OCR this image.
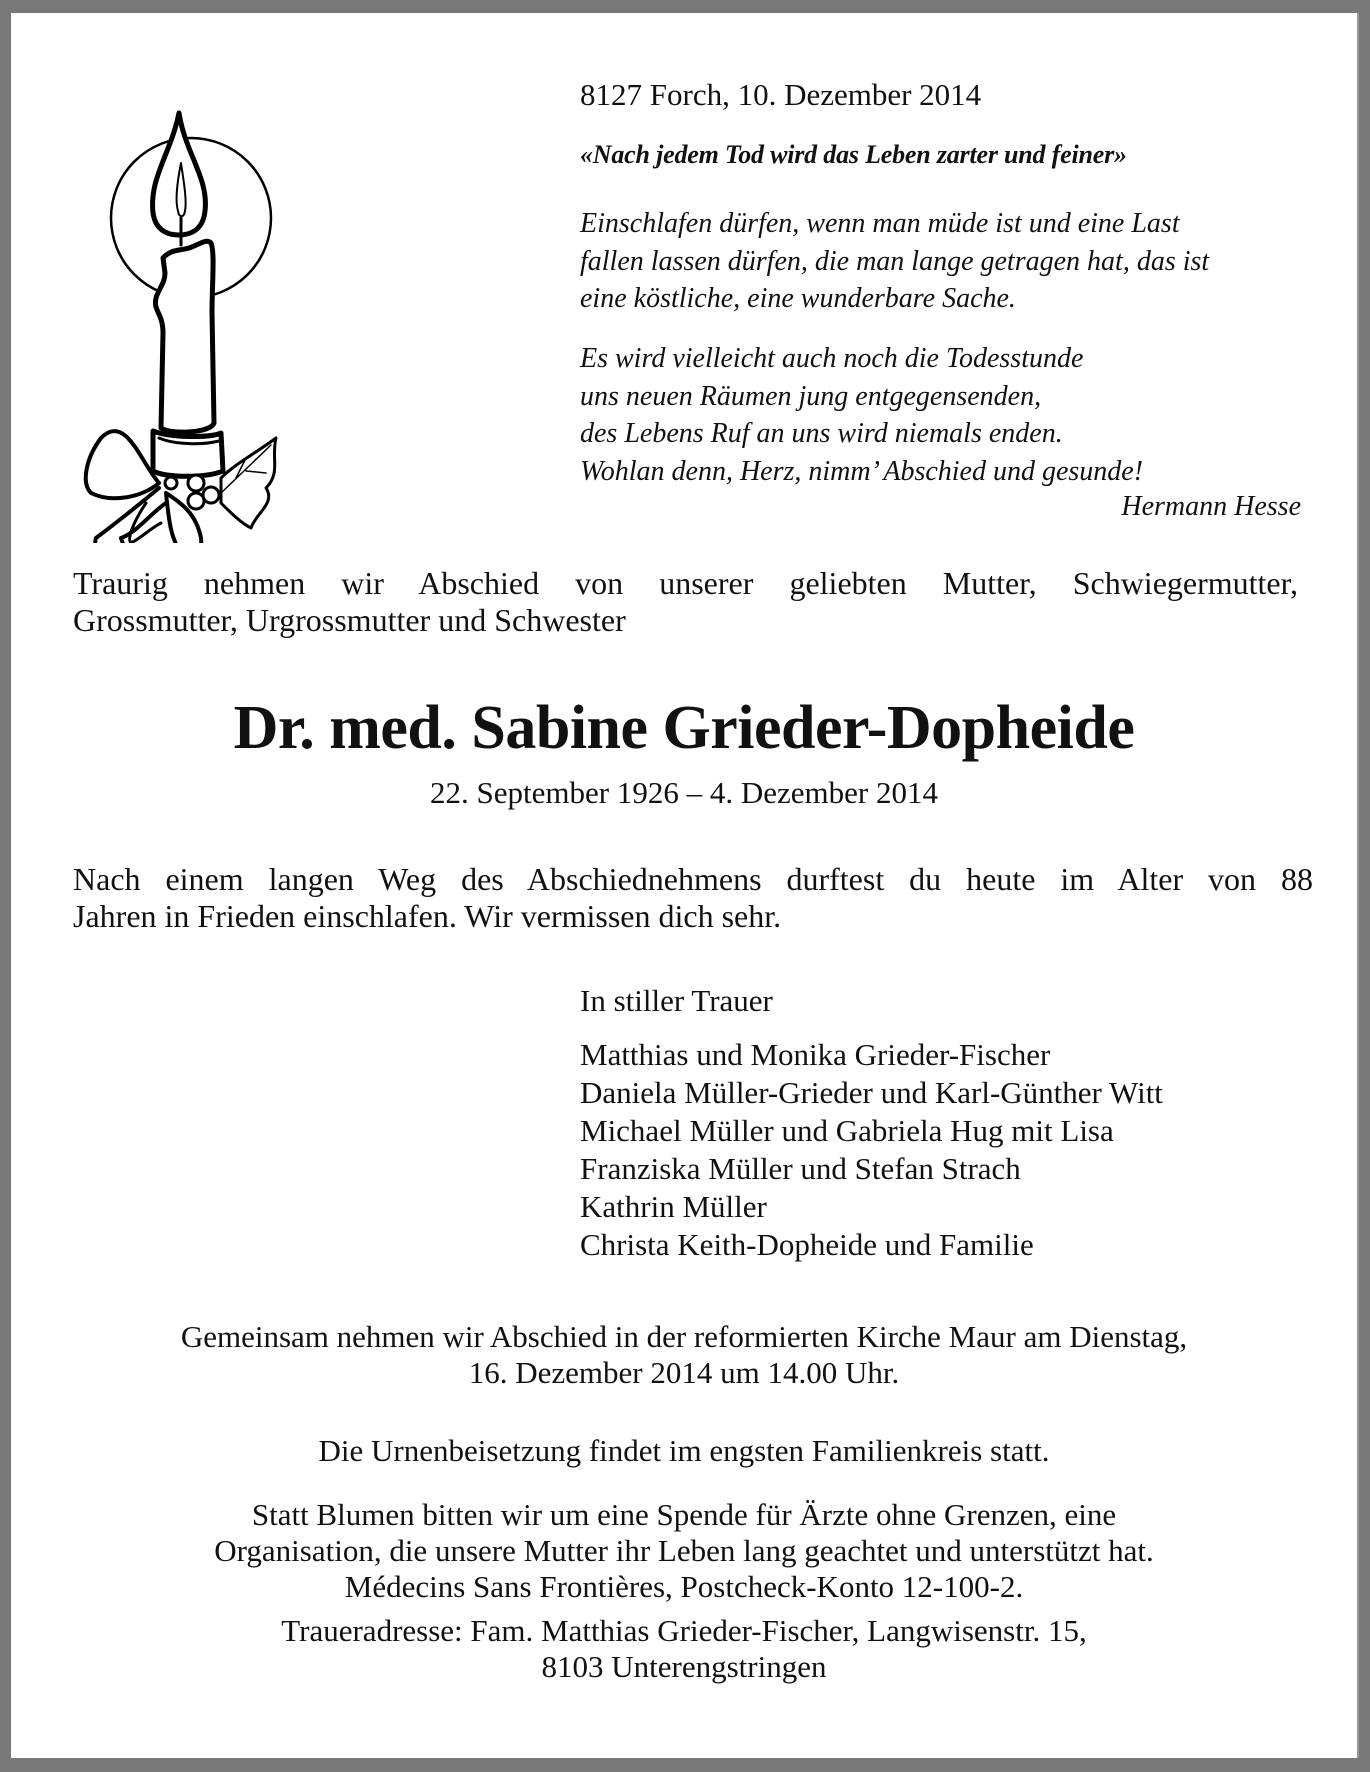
8127 Forch, 10. Dezember 2014
«Nach jedem Tod wird das Leben zarter und feiner»
Einschlafen dürfen, wenn man müde ist und eine Last
fallen lassen dürfen, die man lange getragen hat, das ist
eine köstliche, eine wunderbare Sache.
Es wird vielleicht auch noch die Todesstunde
uns neuen Räumen jung entgegensenden,
des Lebens Ruf an uns wird niemals enden.
Wohlan denn, Herz, nimm’ Abschied und gesunde!
Hermann Hesse
Traurig nehmen wir Abschied von unserer geliebten Mutter, Schwiegermutter,
Grossmutter, Urgrossmutter und Schwester
Dr. med. Sabine Grieder-Dopheide
22. September 1926 – 4. Dezember 2014
Nach einem langen Weg des Abschiednehmens durftest du heute im Alter von 88
Jahren in Frieden einschlafen. Wir vermissen dich sehr.
In stiller Trauer
Matthias und Monika Grieder-Fischer
Daniela Müller-Grieder und Karl-Günther Witt
Michael Müller und Gabriela Hug mit Lisa
Franziska Müller und Stefan Strach
Kathrin Müller
Christa Keith-Dopheide und Familie
Gemeinsam nehmen wir Abschied in der reformierten Kirche Maur am Dienstag,
16. Dezember 2014 um 14.00 Uhr.
Die Urnenbeisetzung findet im engsten Familienkreis statt.
Statt Blumen bitten wir um eine Spende für Ärzte ohne Grenzen, eine
Organisation, die unsere Mutter ihr Leben lang geachtet und unterstützt hat.
Médecins Sans Frontières, Postcheck-Konto 12-100-2.
Traueradresse: Fam. Matthias Grieder-Fischer, Langwisenstr. 15,
8103 Unterengstringen
